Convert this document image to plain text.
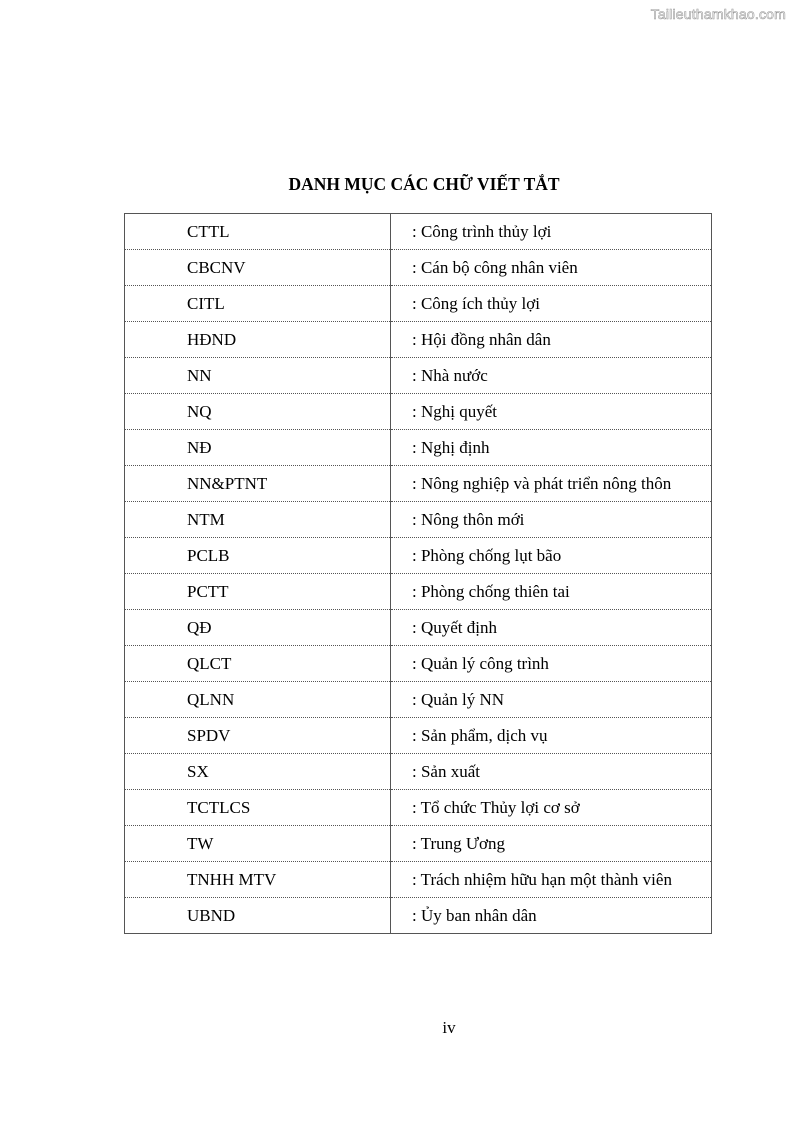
Tailieuthamkhao.com
DANH MỤC CÁC CHỮ VIẾT TẮT
CTTL	: Công trình thủy lợi
CBCNV	: Cán bộ công nhân viên
CITL	: Công ích thủy lợi
HĐND	: Hội đồng nhân dân
NN	: Nhà nước
NQ	: Nghị quyết
NĐ	: Nghị định
NN&PTNT	: Nông nghiệp và phát triển nông thôn
NTM	: Nông thôn mới
PCLB	: Phòng chống lụt bão
PCTT	: Phòng chống thiên tai
QĐ	: Quyết định
QLCT	: Quản lý công trình
QLNN	: Quản lý NN
SPDV	: Sản phẩm, dịch vụ
SX	: Sản xuất
TCTLCS	: Tổ chức Thủy lợi cơ sở
TW	: Trung Ương
TNHH MTV	: Trách nhiệm hữu hạn một thành viên
UBND	: Ủy ban nhân dân
iv
